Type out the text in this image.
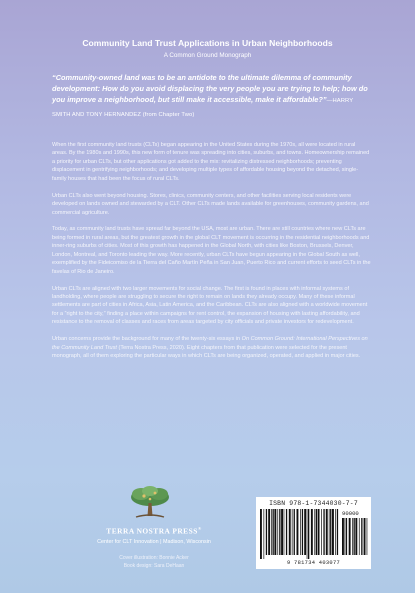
Community Land Trust Applications in Urban Neighborhoods
A Common Ground Monograph
“Community-owned land was to be an antidote to the ultimate dilemma of community development: How do you avoid displacing the very people you are trying to help; how do you improve a neighborhood, but still make it accessible, make it affordable?”—HARRY SMITH AND TONY HERNANDEZ (from Chapter Two)

When the first community land trusts (CLTs) began appearing in the United States during the 1970s, all were located in rural areas. By the 1980s and 1990s, this new form of tenure was spreading into cities, suburbs, and towns. Homeownership remained a priority for urban CLTs, but other applications got added to the mix: revitalizing distressed neighborhoods; preventing displacement in gentrifying neighborhoods; and developing multiple types of affordable housing beyond the detached, single-family houses that had been the focus of rural CLTs.

Urban CLTs also went beyond housing. Stores, clinics, community centers, and other facilities serving local residents were developed on lands owned and stewarded by a CLT. Other CLTs made lands available for greenhouses, community gardens, and commercial agriculture.

Today, as community land trusts have spread far beyond the USA, most are urban. There are still countries where new CLTs are being formed in rural areas, but the greatest growth in the global CLT movement is occurring in the residential neighborhoods and inner-ring suburbs of cities. Most of this growth has happened in the Global North, with cities like Boston, Brussels, Denver, London, Montreal, and Toronto leading the way. More recently, urban CLTs have begun appearing in the Global South as well, exemplified by the Fideicomiso de la Tierra del Caño Martín Peña in San Juan, Puerto Rico and current efforts to seed CLTs in the favelas of Rio de Janeiro.

Urban CLTs are aligned with two larger movements for social change. The first is found in places with informal systems of landholding, where people are struggling to secure the right to remain on lands they already occupy. Many of these informal settlements are part of cities in Africa, Asia, Latin America, and the Caribbean. CLTs are also aligned with a worldwide movement for a “right to the city,” finding a place within campaigns for rent control, the expansion of housing with lasting affordability, and resistance to the removal of classes and races from areas targeted by city officials and private investors for redevelopment.

Urban concerns provide the background for many of the twenty-six essays in On Common Ground: International Perspectives on the Community Land Trust (Terra Nostra Press, 2020). Eight chapters from that publication were selected for the present monograph, all of them exploring the particular ways in which CLTs are being organized, operated, and applied in major cities.

TERRA NOSTRA PRESS®
Center for CLT Innovation | Madison, Wisconsin
Cover illustration: Bonnie Acker
Book design: Sara DeHaan
ISBN 978-1-7344030-7-7
90000
9 781734 403077
